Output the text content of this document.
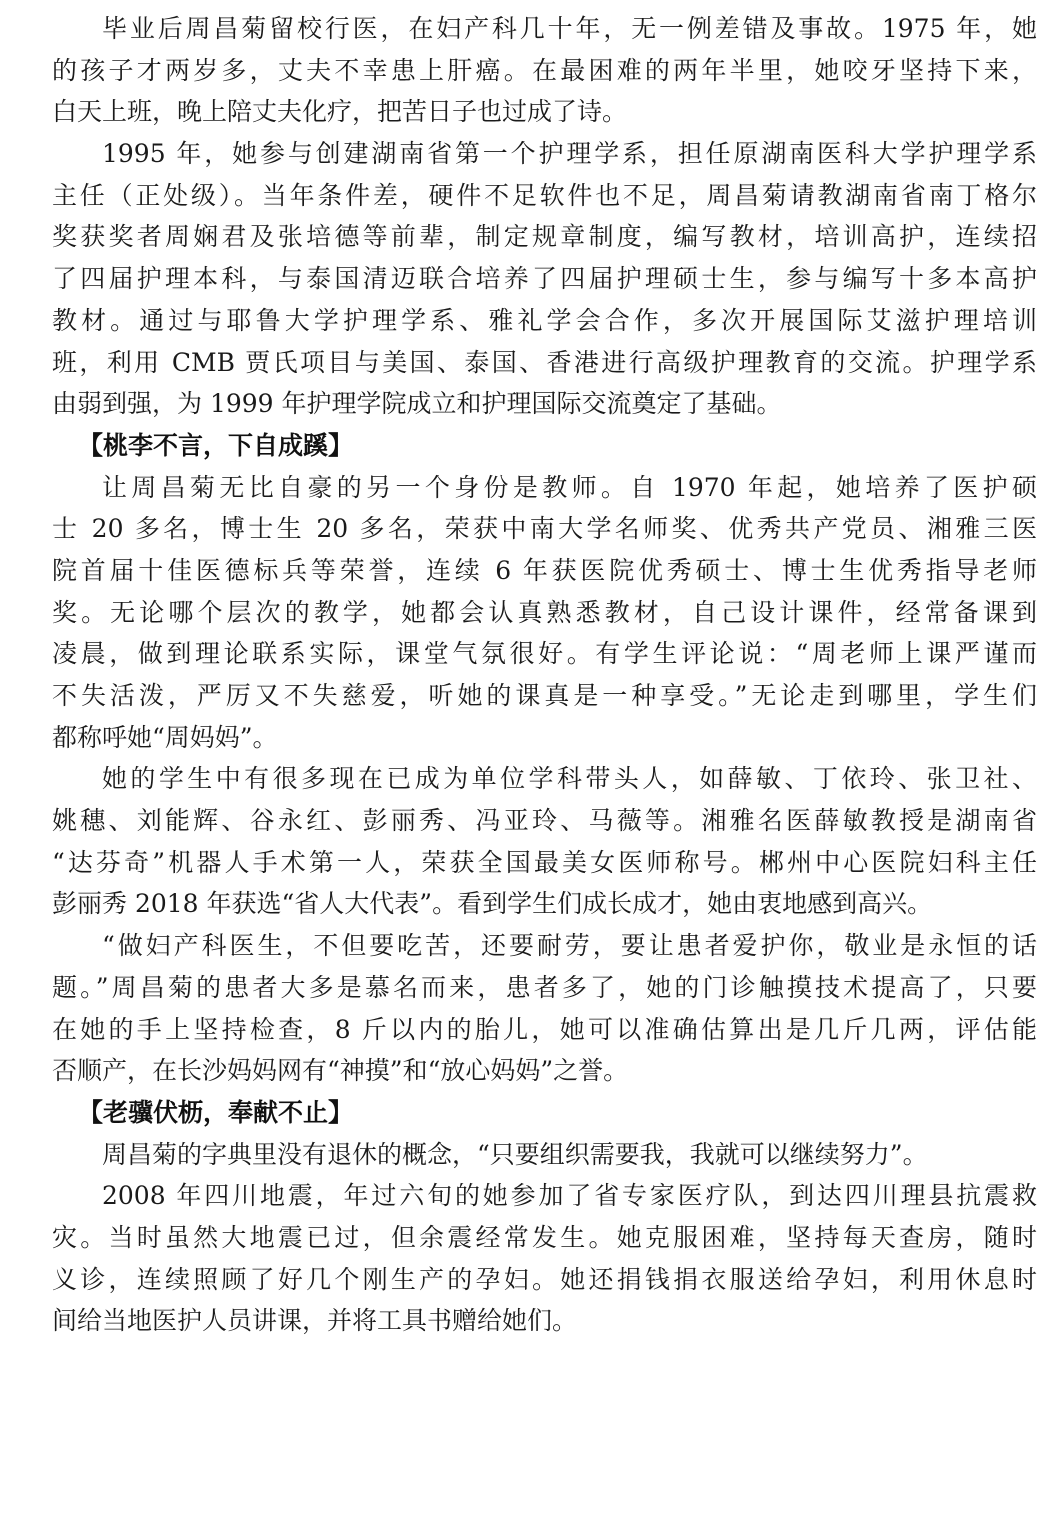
毕业后周昌菊留校行医，在妇产科几十年，无一例差错及事故。1975 年，她
的孩子才两岁多，丈夫不幸患上肝癌。在最困难的两年半里，她咬牙坚持下来，
白天上班，晚上陪丈夫化疗，把苦日子也过成了诗。
1995 年，她参与创建湖南省第一个护理学系，担任原湖南医科大学护理学系
主任（正处级）。当年条件差，硬件不足软件也不足，周昌菊请教湖南省南丁格尔
奖获奖者周娴君及张培德等前辈，制定规章制度，编写教材，培训高护，连续招
了四届护理本科，与泰国清迈联合培养了四届护理硕士生，参与编写十多本高护
教材。通过与耶鲁大学护理学系、雅礼学会合作，多次开展国际艾滋护理培训
班，利用 CMB 贾氏项目与美国、泰国、香港进行高级护理教育的交流。护理学系
由弱到强，为 1999 年护理学院成立和护理国际交流奠定了基础。
【桃李不言，下自成蹊】
让周昌菊无比自豪的另一个身份是教师。自 1970 年起，她培养了医护硕
士 20 多名，博士生 20 多名，荣获中南大学名师奖、优秀共产党员、湘雅三医
院首届十佳医德标兵等荣誉，连续 6 年获医院优秀硕士、博士生优秀指导老师
奖。无论哪个层次的教学，她都会认真熟悉教材，自己设计课件，经常备课到
凌晨，做到理论联系实际，课堂气氛很好。有学生评论说：“周老师上课严谨而
不失活泼，严厉又不失慈爱，听她的课真是一种享受。”无论走到哪里，学生们
都称呼她“周妈妈”。
她的学生中有很多现在已成为单位学科带头人，如薛敏、丁依玲、张卫社、
姚穗、刘能辉、谷永红、彭丽秀、冯亚玲、马薇等。湘雅名医薛敏教授是湖南省
“达芬奇”机器人手术第一人，荣获全国最美女医师称号。郴州中心医院妇科主任
彭丽秀 2018 年获选“省人大代表”。看到学生们成长成才，她由衷地感到高兴。
“做妇产科医生，不但要吃苦，还要耐劳，要让患者爱护你，敬业是永恒的话
题。”周昌菊的患者大多是慕名而来，患者多了，她的门诊触摸技术提高了，只要
在她的手上坚持检查，8 斤以内的胎儿，她可以准确估算出是几斤几两，评估能
否顺产，在长沙妈妈网有“神摸”和“放心妈妈”之誉。
【老骥伏枥，奉献不止】
周昌菊的字典里没有退休的概念，“只要组织需要我，我就可以继续努力”。
2008 年四川地震，年过六旬的她参加了省专家医疗队，到达四川理县抗震救
灾。当时虽然大地震已过，但余震经常发生。她克服困难，坚持每天查房，随时
义诊，连续照顾了好几个刚生产的孕妇。她还捐钱捐衣服送给孕妇，利用休息时
间给当地医护人员讲课，并将工具书赠给她们。
